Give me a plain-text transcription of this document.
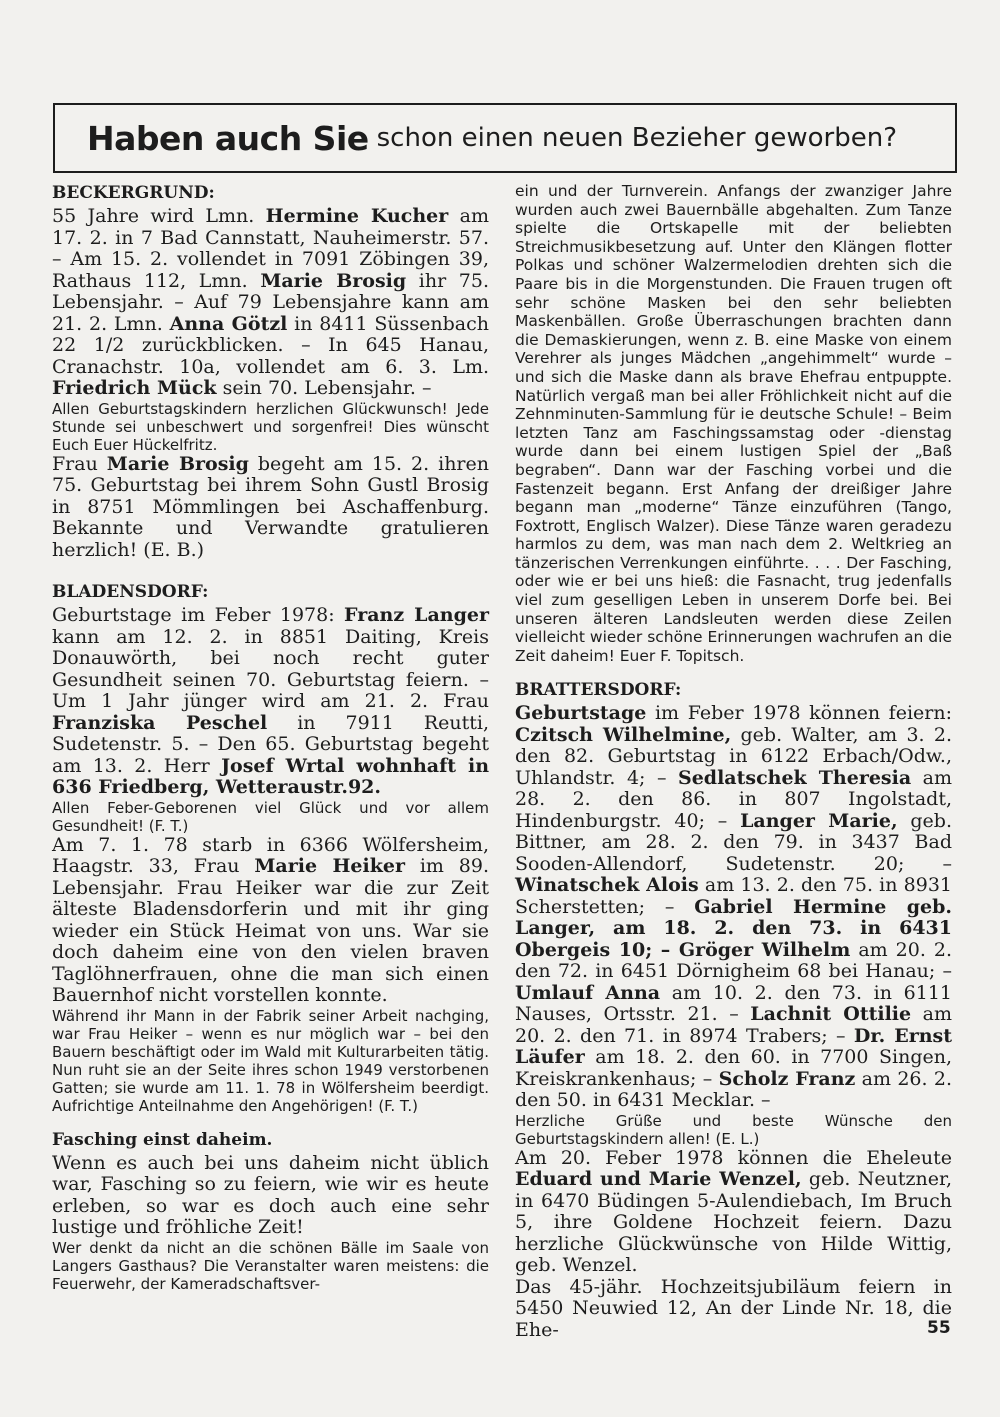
Haben auch Sie schon einen neuen Bezieher geworben?

BECKERGRUND:

55 Jahre wird Lmn. Hermine Kucher am 17. 2. in 7 Bad Cannstatt, Nauheimerstr. 57. – Am 15. 2. vollendet in 7091 Zöbingen 39, Rathaus 112, Lmn. Marie Brosig ihr 75. Lebensjahr. – Auf 79 Lebensjahre kann am 21. 2. Lmn. Anna Götzl in 8411 Süssenbach 22 1/2 zurückblicken. – In 645 Hanau, Cranachstr. 10a, vollendet am 6. 3. Lm. Friedrich Mück sein 70. Lebensjahr. –

Allen Geburtstagskindern herzlichen Glückwunsch! Jede Stunde sei unbeschwert und sorgenfrei! Dies wünscht Euch Euer Hückelfritz.

Frau Marie Brosig begeht am 15. 2. ihren 75. Geburtstag bei ihrem Sohn Gustl Brosig in 8751 Mömmlingen bei Aschaffenburg. Bekannte und Verwandte gratulieren herzlich! (E. B.)

BLADENSDORF:

Geburtstage im Feber 1978: Franz Langer kann am 12. 2. in 8851 Daiting, Kreis Donauwörth, bei noch recht guter Gesundheit seinen 70. Geburtstag feiern. – Um 1 Jahr jünger wird am 21. 2. Frau Franziska Peschel in 7911 Reutti, Sudetenstr. 5. – Den 65. Geburtstag begeht am 13. 2. Herr Josef Wrtal wohnhaft in 636 Friedberg, Wetteraustr.92.

Allen Feber-Geborenen viel Glück und vor allem Gesundheit! (F. T.)

Am 7. 1. 78 starb in 6366 Wölfersheim, Haagstr. 33, Frau Marie Heiker im 89. Lebensjahr. Frau Heiker war die zur Zeit älteste Bladensdorferin und mit ihr ging wieder ein Stück Heimat von uns. War sie doch daheim eine von den vielen braven Taglöhnerfrauen, ohne die man sich einen Bauernhof nicht vorstellen konnte.

Während ihr Mann in der Fabrik seiner Arbeit nachging, war Frau Heiker – wenn es nur möglich war – bei den Bauern beschäftigt oder im Wald mit Kulturarbeiten tätig. Nun ruht sie an der Seite ihres schon 1949 verstorbenen Gatten; sie wurde am 11. 1. 78 in Wölfersheim beerdigt. Aufrichtige Anteilnahme den Angehörigen! (F. T.)

Fasching einst daheim.

Wenn es auch bei uns daheim nicht üblich war, Fasching so zu feiern, wie wir es heute erleben, so war es doch auch eine sehr lustige und fröhliche Zeit!

Wer denkt da nicht an die schönen Bälle im Saale von Langers Gasthaus? Die Veranstalter waren meistens: die Feuerwehr, der Kameradschaftsver-

ein und der Turnverein. Anfangs der zwanziger Jahre wurden auch zwei Bauernbälle abgehalten. Zum Tanze spielte die Ortskapelle mit der beliebten Streichmusikbesetzung auf. Unter den Klängen flotter Polkas und schöner Walzermelodien drehten sich die Paare bis in die Morgenstunden. Die Frauen trugen oft sehr schöne Masken bei den sehr beliebten Maskenbällen. Große Überraschungen brachten dann die Demaskierungen, wenn z. B. eine Maske von einem Verehrer als junges Mädchen „angehimmelt“ wurde – und sich die Maske dann als brave Ehefrau entpuppte. Natürlich vergaß man bei aller Fröhlichkeit nicht auf die Zehnminuten-Sammlung für ie deutsche Schule! – Beim letzten Tanz am Faschingssamstag oder -dienstag wurde dann bei einem lustigen Spiel der „Baß begraben“. Dann war der Fasching vorbei und die Fastenzeit begann. Erst Anfang der dreißiger Jahre begann man „moderne“ Tänze einzuführen (Tango, Foxtrott, Englisch Walzer). Diese Tänze waren geradezu harmlos zu dem, was man nach dem 2. Weltkrieg an tänzerischen Verrenkungen einführte. . . . Der Fasching, oder wie er bei uns hieß: die Fasnacht, trug jedenfalls viel zum geselligen Leben in unserem Dorfe bei. Bei unseren älteren Landsleuten werden diese Zeilen vielleicht wieder schöne Erinnerungen wachrufen an die Zeit daheim! Euer F. Topitsch.

BRATTERSDORF:

Geburtstage im Feber 1978 können feiern: Czitsch Wilhelmine, geb. Walter, am 3. 2. den 82. Geburtstag in 6122 Erbach/Odw., Uhlandstr. 4; – Sedlatschek Theresia am 28. 2. den 86. in 807 Ingolstadt, Hindenburgstr. 40; – Langer Marie, geb. Bittner, am 28. 2. den 79. in 3437 Bad Sooden-Allendorf, Sudetenstr. 20; – Winatschek Alois am 13. 2. den 75. in 8931 Scherstetten; – Gabriel Hermine geb. Langer, am 18. 2. den 73. in 6431 Obergeis 10; – Gröger Wilhelm am 20. 2. den 72. in 6451 Dörnigheim 68 bei Hanau; – Umlauf Anna am 10. 2. den 73. in 6111 Nauses, Ortsstr. 21. – Lachnit Ottilie am 20. 2. den 71. in 8974 Trabers; – Dr. Ernst Läufer am 18. 2. den 60. in 7700 Singen, Kreiskrankenhaus; – Scholz Franz am 26. 2. den 50. in 6431 Mecklar. –

Herzliche Grüße und beste Wünsche den Geburtstagskindern allen! (E. L.)

Am 20. Feber 1978 können die Eheleute Eduard und Marie Wenzel, geb. Neutzner, in 6470 Büdingen 5-Aulendiebach, Im Bruch 5, ihre Goldene Hochzeit feiern. Dazu herzliche Glückwünsche von Hilde Wittig, geb. Wenzel.

Das 45-jähr. Hochzeitsjubiläum feiern in 5450 Neuwied 12, An der Linde Nr. 18, die Ehe-	55
